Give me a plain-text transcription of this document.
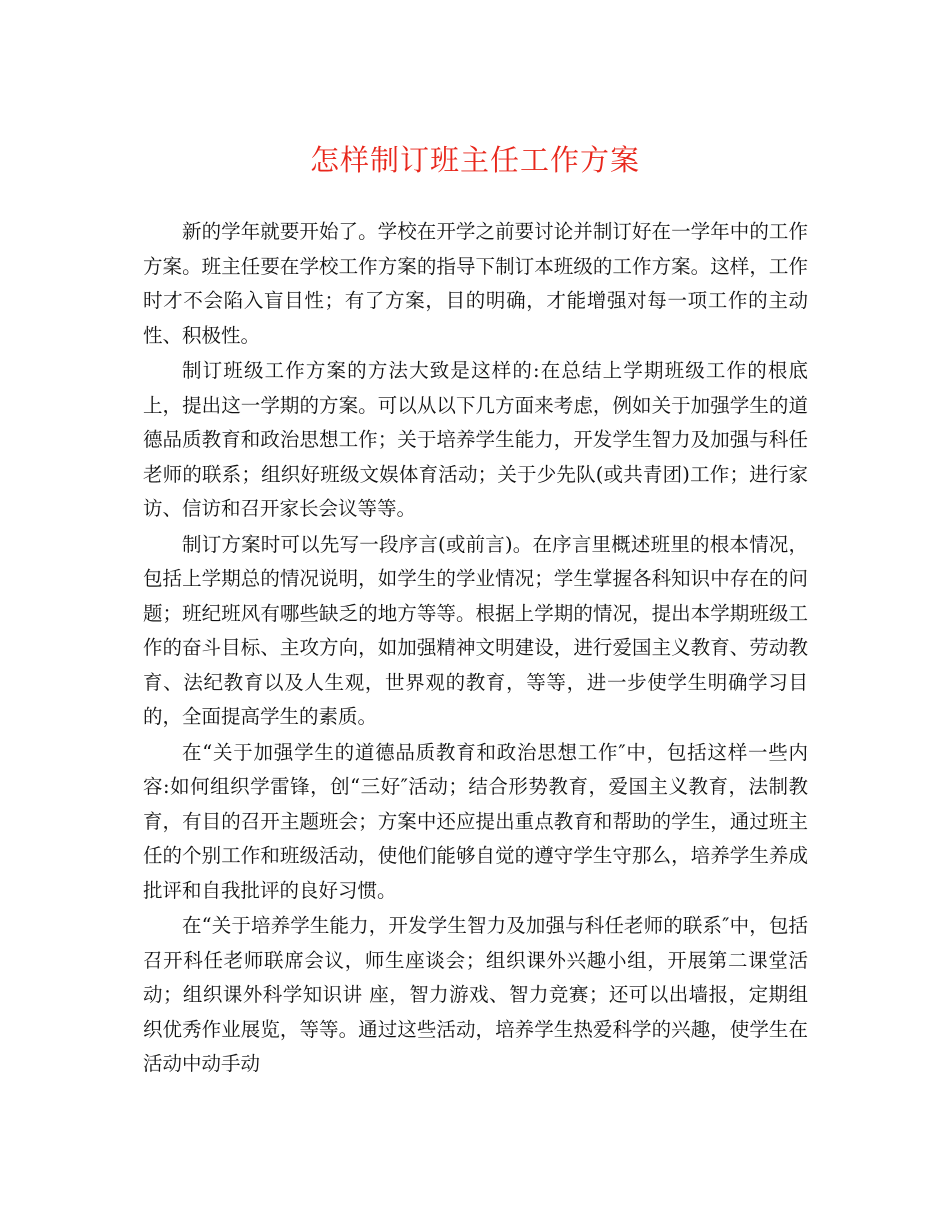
怎样制订班主任工作方案

新的学年就要开始了。学校在开学之前要讨论并制订好在一学年中的工作方案。班主任要在学校工作方案的指导下制订本班级的工作方案。这样，工作时才不会陷入盲目性；有了方案，目的明确，才能增强对每一项工作的主动性、积极性。

制订班级工作方案的方法大致是这样的:在总结上学期班级工作的根底上，提出这一学期的方案。可以从以下几方面来考虑，例如关于加强学生的道德品质教育和政治思想工作；关于培养学生能力，开发学生智力及加强与科任老师的联系；组织好班级文娱体育活动；关于少先队(或共青团)工作；进行家访、信访和召开家长会议等等。

制订方案时可以先写一段序言(或前言)。在序言里概述班里的根本情况，包括上学期总的情况说明，如学生的学业情况；学生掌握各科知识中存在的问题；班纪班风有哪些缺乏的地方等等。根据上学期的情况，提出本学期班级工作的奋斗目标、主攻方向，如加强精神文明建设，进行爱国主义教育、劳动教育、法纪教育以及人生观，世界观的教育，等等，进一步使学生明确学习目的，全面提高学生的素质。

在“关于加强学生的道德品质教育和政治思想工作″中，包括这样一些内容:如何组织学雷锋，创“三好″活动；结合形势教育，爱国主义教育，法制教育，有目的召开主题班会；方案中还应提出重点教育和帮助的学生，通过班主任的个别工作和班级活动，使他们能够自觉的遵守学生守那么，培养学生养成批评和自我批评的良好习惯。

在“关于培养学生能力，开发学生智力及加强与科任老师的联系″中，包括召开科任老师联席会议，师生座谈会；组织课外兴趣小组，开展第二课堂活动；组织课外科学知识讲 座，智力游戏、智力竞赛；还可以出墙报，定期组织优秀作业展览，等等。通过这些活动，培养学生热爱科学的兴趣，使学生在活动中动手动
